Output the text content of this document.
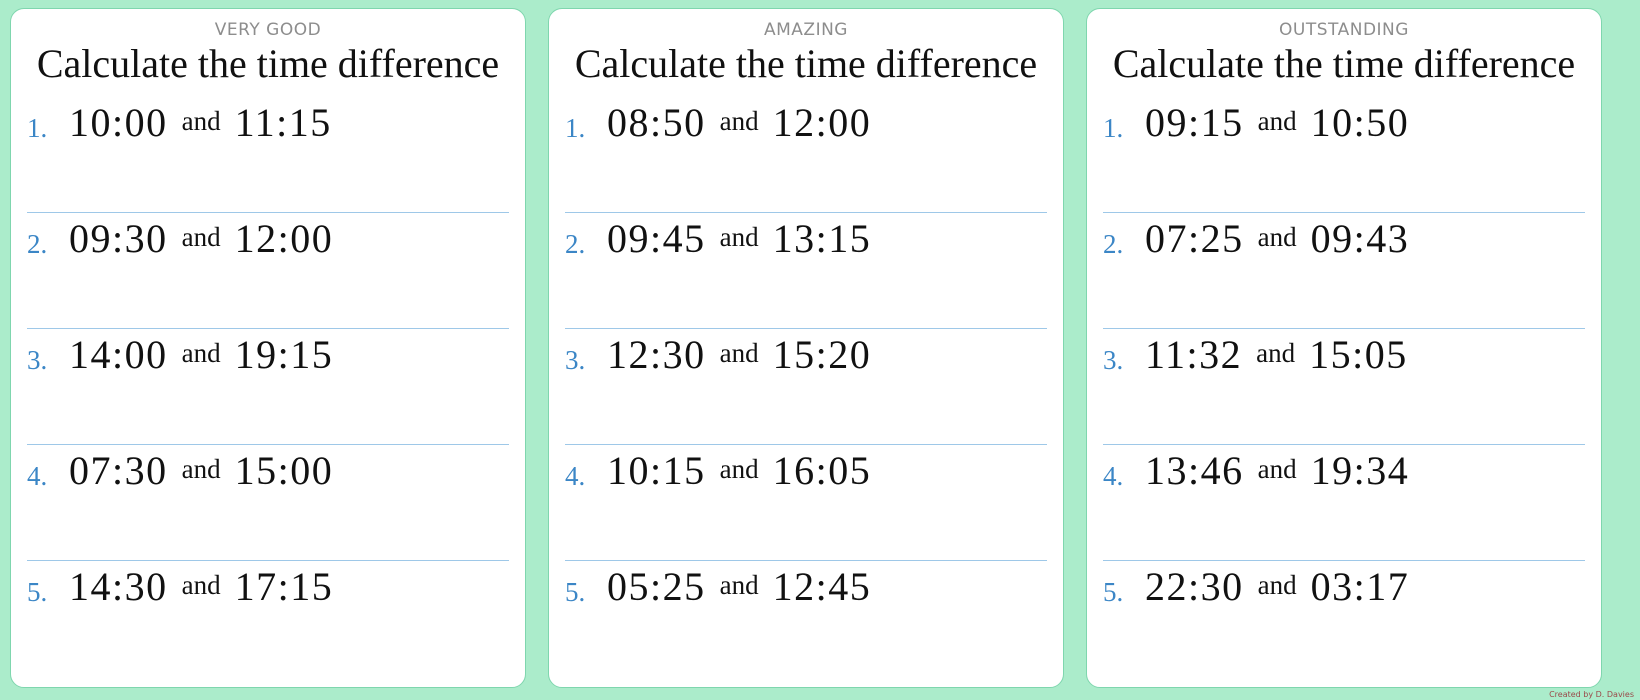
VERY GOOD
Calculate the time difference
1. 10:00 and 11:15
2. 09:30 and 12:00
3. 14:00 and 19:15
4. 07:30 and 15:00
5. 14:30 and 17:15
AMAZING
Calculate the time difference
1. 08:50 and 12:00
2. 09:45 and 13:15
3. 12:30 and 15:20
4. 10:15 and 16:05
5. 05:25 and 12:45
OUTSTANDING
Calculate the time difference
1. 09:15 and 10:50
2. 07:25 and 09:43
3. 11:32 and 15:05
4. 13:46 and 19:34
5. 22:30 and 03:17
Created by D. Davies
